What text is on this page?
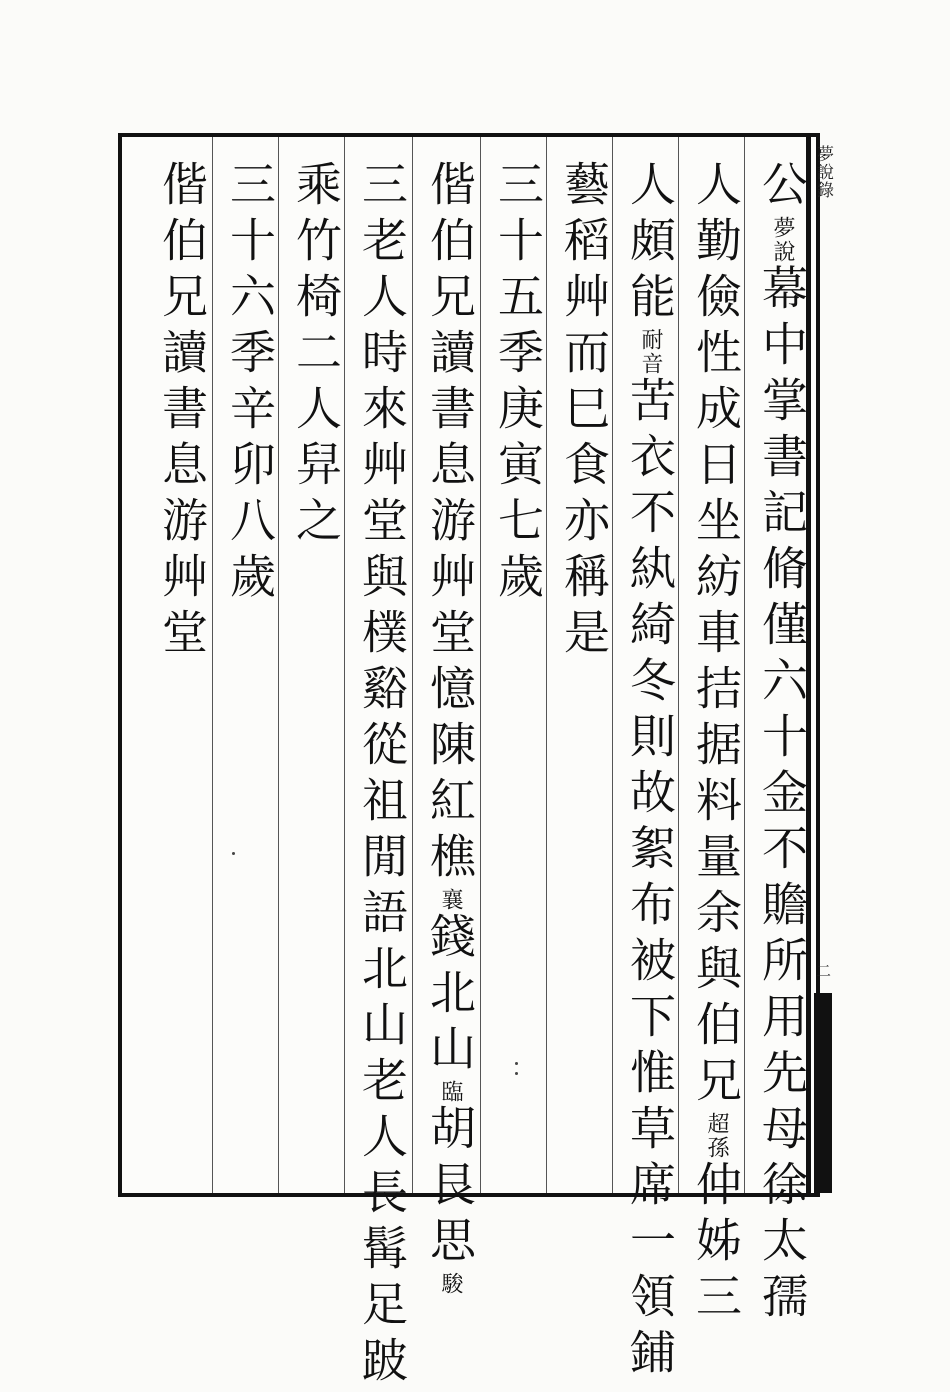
夢說錄
二
公夢說幕中掌書記脩僅六十金不贍所用先母徐太孺
人勤儉性成日坐紡車拮据料量余與伯兄超孫仲姊三
人頗能耐音苦衣不紈綺冬則故絮布被下惟草席一領鋪
藝稻艸而巳食亦稱是
三十五季庚寅七歲
偕伯兄讀書息游艸堂憶陳紅樵襄錢北山臨胡艮思駿
三老人時來艸堂與樸谿從祖閒語北山老人長髯足跛
乘竹椅二人舁之
三十六季辛卯八歲
偕伯兄讀書息游艸堂
